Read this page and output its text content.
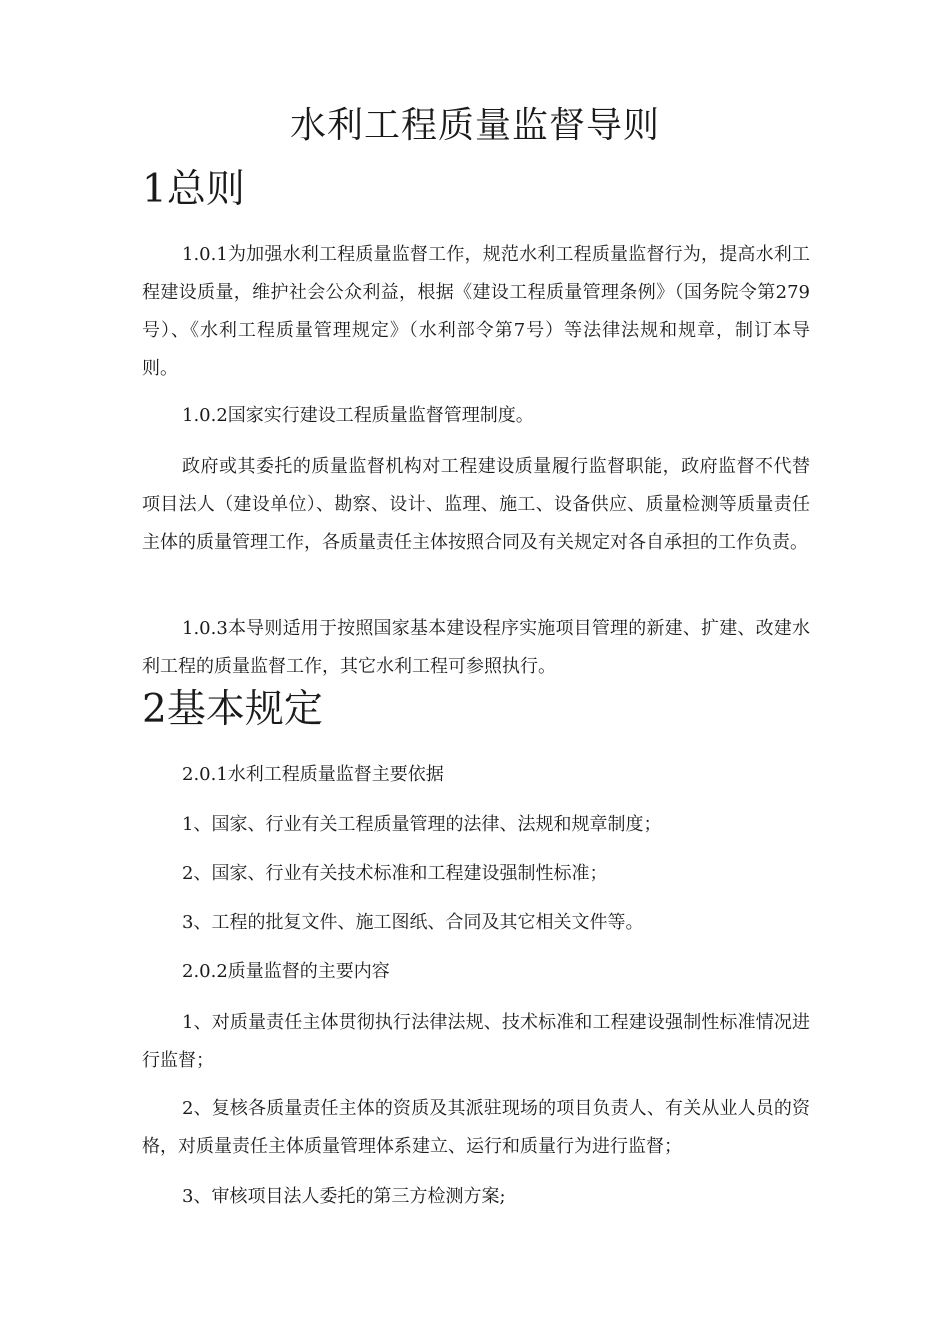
水利工程质量监督导则
1总则

1.0.1为加强水利工程质量监督工作，规范水利工程质量监督行为，提高水利工程建设质量，维护社会公众利益，根据《建设工程质量管理条例》（国务院令第279号）、《水利工程质量管理规定》（水利部令第7号）等法律法规和规章，制订本导则。

1.0.2国家实行建设工程质量监督管理制度。

政府或其委托的质量监督机构对工程建设质量履行监督职能，政府监督不代替项目法人（建设单位）、勘察、设计、监理、施工、设备供应、质量检测等质量责任主体的质量管理工作，各质量责任主体按照合同及有关规定对各自承担的工作负责。

1.0.3本导则适用于按照国家基本建设程序实施项目管理的新建、扩建、改建水利工程的质量监督工作，其它水利工程可参照执行。

2基本规定

2.0.1水利工程质量监督主要依据

1、国家、行业有关工程质量管理的法律、法规和规章制度；

2、国家、行业有关技术标准和工程建设强制性标准；

3、工程的批复文件、施工图纸、合同及其它相关文件等。

2.0.2质量监督的主要内容

1、对质量责任主体贯彻执行法律法规、技术标准和工程建设强制性标准情况进行监督；

2、复核各质量责任主体的资质及其派驻现场的项目负责人、有关从业人员的资格，对质量责任主体质量管理体系建立、运行和质量行为进行监督；

3、审核项目法人委托的第三方检测方案;
